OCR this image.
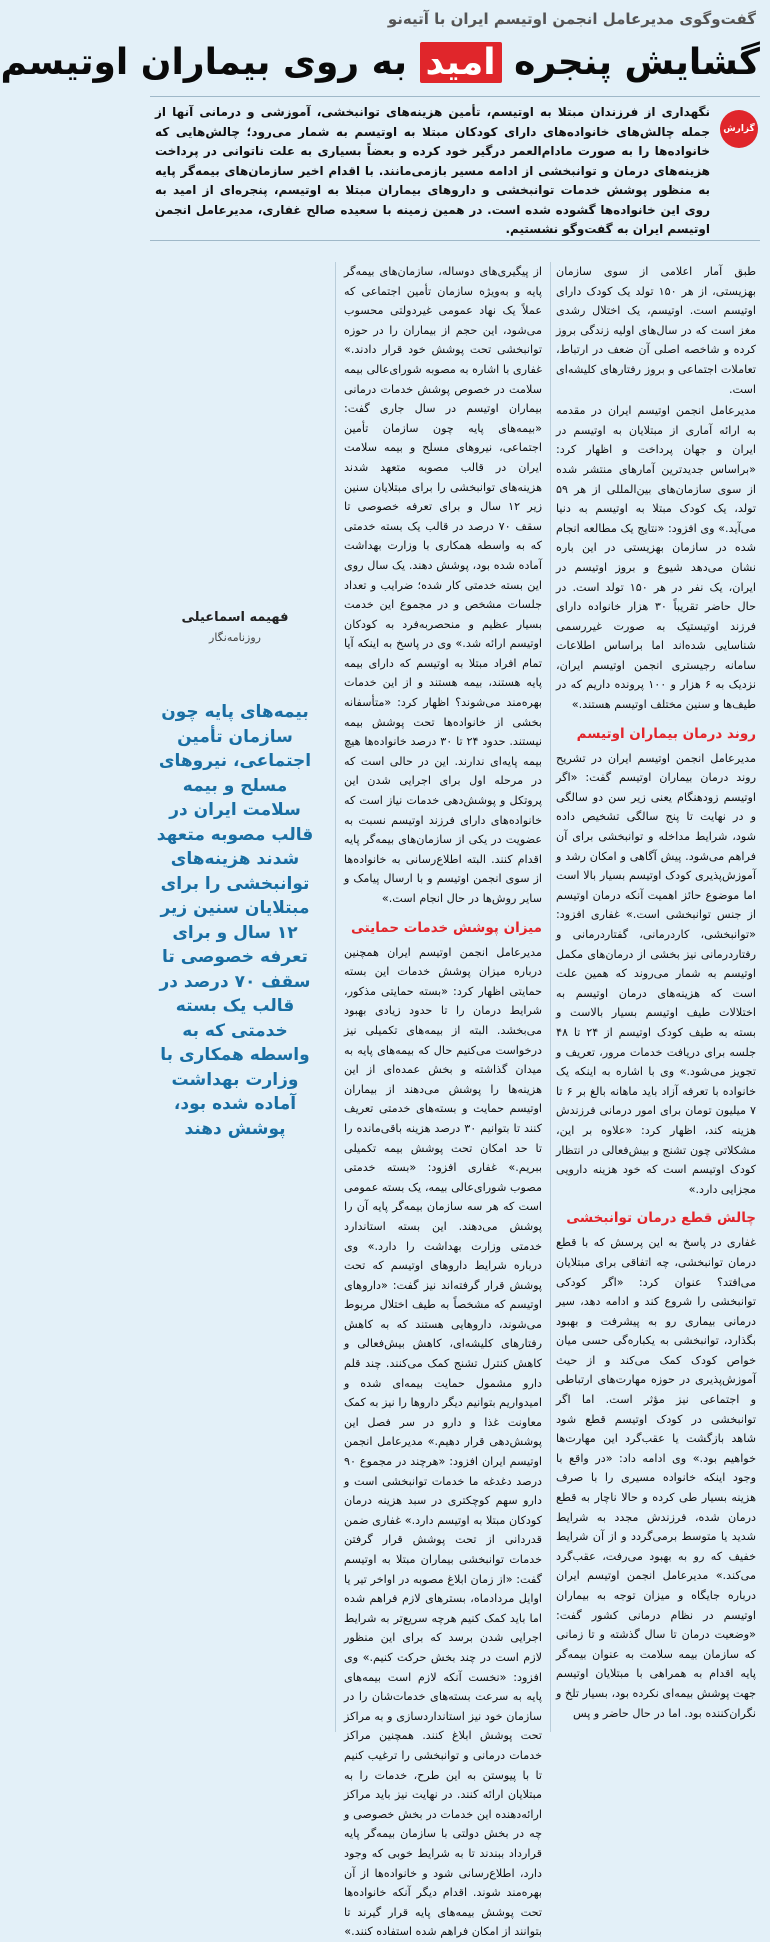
گفت‌وگوی مدیرعامل انجمن اوتیسم ایران با آتیه‌نو
گشایش پنجره امید به روی بیماران اوتیسم
گزارش
نگهداری از فرزندان مبتلا به اوتیسم، تأمین هزینه‌های توانبخشی، آموزشی و درمانی آنها از جمله چالش‌های خانواده‌های دارای کودکان مبتلا به اوتیسم به شمار می‌رود؛ چالش‌هایی که خانواده‌ها را به صورت مادام‌العمر درگیر خود کرده و بعضاً بسیاری به علت ناتوانی در پرداخت هزینه‌های درمان و توانبخشی از ادامه مسیر بازمی‌مانند. با اقدام اخیر سازمان‌های بیمه‌گر پایه به منظور پوشش خدمات توانبخشی و داروهای بیماران مبتلا به اوتیسم، پنجره‌ای از امید به روی این خانواده‌ها گشوده شده است. در همین زمینه با سعیده صالح غفاری، مدیرعامل انجمن اوتیسم ایران به گفت‌وگو نشستیم.

طبق آمار اعلامی از سوی سازمان بهزیستی، از هر ۱۵۰ تولد یک کودک دارای اوتیسم است. اوتیسم، یک اختلال رشدی مغز است که در سال‌های اولیه زندگی بروز کرده و شاخصه اصلی آن ضعف در ارتباط، تعاملات اجتماعی و بروز رفتارهای کلیشه‌ای است.

مدیرعامل انجمن اوتیسم ایران در مقدمه به ارائه آماری از مبتلایان به اوتیسم در ایران و جهان پرداخت و اظهار کرد: «براساس جدیدترین آمارهای منتشر شده از سوی سازمان‌های بین‌المللی از هر ۵۹ تولد، یک کودک مبتلا به اوتیسم به دنیا می‌آید.» وی افزود: «نتایج یک مطالعه انجام شده در سازمان بهزیستی در این باره نشان می‌دهد شیوع و بروز اوتیسم در ایران، یک نفر در هر ۱۵۰ تولد است. در حال حاضر تقریباً ۳۰ هزار خانواده دارای فرزند اوتیستیک به صورت غیررسمی شناسایی شده‌اند اما براساس اطلاعات سامانه رجیستری انجمن اوتیسم ایران، نزدیک به ۶ هزار و ۱۰۰ پرونده داریم که در طیف‌ها و سنین مختلف اوتیسم هستند.»

روند درمان بیماران اوتیسم

مدیرعامل انجمن اوتیسم ایران در تشریح روند درمان بیماران اوتیسم گفت: «اگر اوتیسم زودهنگام یعنی زیر سن دو سالگی و در نهایت تا پنج سالگی تشخیص داده شود، شرایط مداخله و توانبخشی برای آن فراهم می‌شود. پیش آگاهی و امکان رشد و آموزش‌پذیری کودک اوتیسم بسیار بالا است اما موضوع حائز اهمیت آنکه درمان اوتیسم از جنس توانبخشی است.» غفاری افزود: «توانبخشی، کاردرمانی، گفتاردرمانی و رفتاردرمانی نیز بخشی از درمان‌های مکمل اوتیسم به شمار می‌روند که همین علت است که هزینه‌های درمان اوتیسم به اختلالات طیف اوتیسم بسیار بالاست و بسته به طیف کودک اوتیسم از ۲۴ تا ۴۸ جلسه برای دریافت خدمات مرور، تعریف و تجویز می‌شود.» وی با اشاره به اینکه یک خانواده با تعرفه آزاد باید ماهانه بالغ بر ۶ تا ۷ میلیون تومان برای امور درمانی فرزندش هزینه کند، اظهار کرد: «علاوه بر این، مشکلاتی چون تشنج و بیش‌فعالی در انتظار کودک اوتیسم است که خود هزینه دارویی مجزایی دارد.»

چالش قطع درمان توانبخشی

غفاری در پاسخ به این پرسش که با قطع درمان توانبخشی، چه اتفاقی برای مبتلایان می‌افتد؟ عنوان کرد: «اگر کودکی توانبخشی را شروع کند و ادامه دهد، سیر درمانی بیماری رو به پیشرفت و بهبود بگذارد، توانبخشی به یکباره‌گی حسی میان خواص کودک کمک می‌کند و از حیث آموزش‌پذیری در حوزه مهارت‌های ارتباطی و اجتماعی نیز مؤثر است. اما اگر توانبخشی در کودک اوتیسم قطع شود شاهد بازگشت یا عقب‌گرد این مهارت‌ها خواهیم بود.» وی ادامه داد: «در واقع با وجود اینکه خانواده مسیری را با صرف هزینه بسیار طی کرده و حالا ناچار به قطع درمان شده، فرزندش مجدد به شرایط شدید یا متوسط برمی‌گردد و از آن شرایط خفیف که رو به بهبود می‌رفت، عقب‌گرد می‌کند.» مدیرعامل انجمن اوتیسم ایران درباره جایگاه و میزان توجه به بیماران اوتیسم در نظام درمانی کشور گفت: «وضعیت درمان تا سال گذشته و تا زمانی که سازمان بیمه سلامت به عنوان بیمه‌گر پایه اقدام به همراهی با مبتلایان اوتیسم جهت پوشش بیمه‌ای نکرده بود، بسیار تلخ و نگران‌کننده بود. اما در حال حاضر و پس

از پیگیری‌های دوساله، سازمان‌های بیمه‌گر پایه و به‌ویژه سازمان تأمین اجتماعی که عملاً یک نهاد عمومی غیردولتی محسوب می‌شود، این حجم از بیماران را در حوزه توانبخشی تحت پوشش خود قرار دادند.» غفاری با اشاره به مصوبه شورای‌عالی بیمه سلامت در خصوص پوشش خدمات درمانی بیماران اوتیسم در سال جاری گفت: «بیمه‌های پایه چون سازمان تأمین اجتماعی، نیروهای مسلح و بیمه سلامت ایران در قالب مصوبه متعهد شدند هزینه‌های توانبخشی را برای مبتلایان سنین زیر ۱۲ سال و برای تعرفه خصوصی تا سقف ۷۰ درصد در قالب یک بسته خدمتی که به واسطه همکاری با وزارت بهداشت آماده شده بود، پوشش دهند. یک سال روی این بسته خدمتی کار شده؛ ضرایب و تعداد جلسات مشخص و در مجموع این خدمت بسیار عظیم و منحصربه‌فرد به کودکان اوتیسم ارائه شد.» وی در پاسخ به اینکه آیا تمام افراد مبتلا به اوتیسم که دارای بیمه پایه هستند، بیمه هستند و از این خدمات بهره‌مند می‌شوند؟ اظهار کرد: «متأسفانه بخشی از خانواده‌ها تحت پوشش بیمه نیستند. حدود ۲۴ تا ۳۰ درصد خانواده‌ها هیچ بیمه پایه‌ای ندارند. این در حالی است که در مرحله اول برای اجرایی شدن این پروتکل و پوشش‌دهی خدمات نیاز است که خانواده‌های دارای فرزند اوتیسم نسبت به عضویت در یکی از سازمان‌های بیمه‌گر پایه اقدام کنند. البته اطلاع‌رسانی به خانواده‌ها از سوی انجمن اوتیسم و با ارسال پیامک و سایر روش‌ها در حال انجام است.»

میزان پوشش خدمات حمایتی

مدیرعامل انجمن اوتیسم ایران همچنین درباره میزان پوشش خدمات این بسته حمایتی اظهار کرد: «بسته حمایتی مذکور، شرایط درمان را تا حدود زیادی بهبود می‌بخشد. البته از بیمه‌های تکمیلی نیز درخواست می‌کنیم حال که بیمه‌های پایه به میدان گذاشته و بخش عمده‌ای از این هزینه‌ها را پوشش می‌دهند از بیماران اوتیسم حمایت و بسته‌های خدمتی تعریف کنند تا بتوانیم ۳۰ درصد هزینه باقی‌مانده را تا حد امکان تحت پوشش بیمه تکمیلی ببریم.» غفاری افزود: «بسته خدمتی مصوب شورای‌عالی بیمه، یک بسته عمومی است که هر سه سازمان بیمه‌گر پایه آن را پوشش می‌دهند. این بسته استاندارد خدمتی وزارت بهداشت را دارد.» وی درباره شرایط داروهای اوتیسم که تحت پوشش قرار گرفته‌اند نیز گفت: «داروهای اوتیسم که مشخصاً به طیف اختلال مربوط می‌شوند، داروهایی هستند که به کاهش رفتارهای کلیشه‌ای، کاهش بیش‌فعالی و کاهش کنترل تشنج کمک می‌کنند. چند قلم دارو مشمول حمایت بیمه‌ای شده و امیدواریم بتوانیم دیگر داروها را نیز به کمک معاونت غذا و دارو در سر فصل این پوشش‌دهی قرار دهیم.» مدیرعامل انجمن اوتیسم ایران افزود: «هرچند در مجموع ۹۰ درصد دغدغه ما خدمات توانبخشی است و دارو سهم کوچکتری در سبد هزینه درمان کودکان مبتلا به اوتیسم دارد.» غفاری ضمن قدردانی از تحت پوشش قرار گرفتن خدمات توانبخشی بیماران مبتلا به اوتیسم گفت: «از زمان ابلاغ مصوبه در اواخر تیر یا اوایل مردادماه، بسترهای لازم فراهم شده اما باید کمک کنیم هرچه سریع‌تر به شرایط اجرایی شدن برسد که برای این منظور لازم است در چند بخش حرکت کنیم.» وی افزود: «نخست آنکه لازم است بیمه‌های پایه به سرعت بسته‌های خدمات‌شان را در سازمان خود نیز استانداردسازی و به مراکز تحت پوشش ابلاغ کنند. همچنین مراکز خدمات درمانی و توانبخشی را ترغیب کنیم تا با پیوستن به این طرح، خدمات را به مبتلایان ارائه کنند. در نهایت نیز باید مراکز ارائه‌دهنده این خدمات در بخش خصوصی و چه در بخش دولتی با سازمان بیمه‌گر پایه قرارداد ببندند تا به شرایط خوبی که وجود دارد، اطلاع‌رسانی شود و خانواده‌ها از آن بهره‌مند شوند. اقدام دیگر آنکه خانواده‌ها تحت پوشش بیمه‌های پایه قرار گیرند تا بتوانند از امکان فراهم شده استفاده کنند.»

فهیمه اسماعیلی
روزنامه‌نگار
بیمه‌های پایه چون سازمان تأمین اجتماعی، نیروهای مسلح و بیمه سلامت ایران در قالب مصوبه متعهد شدند هزینه‌های توانبخشی را برای مبتلایان سنین زیر ۱۲ سال و برای تعرفه خصوصی تا سقف ۷۰ درصد در قالب یک بسته خدمتی که به واسطه همکاری با وزارت بهداشت آماده شده بود، پوشش دهند
